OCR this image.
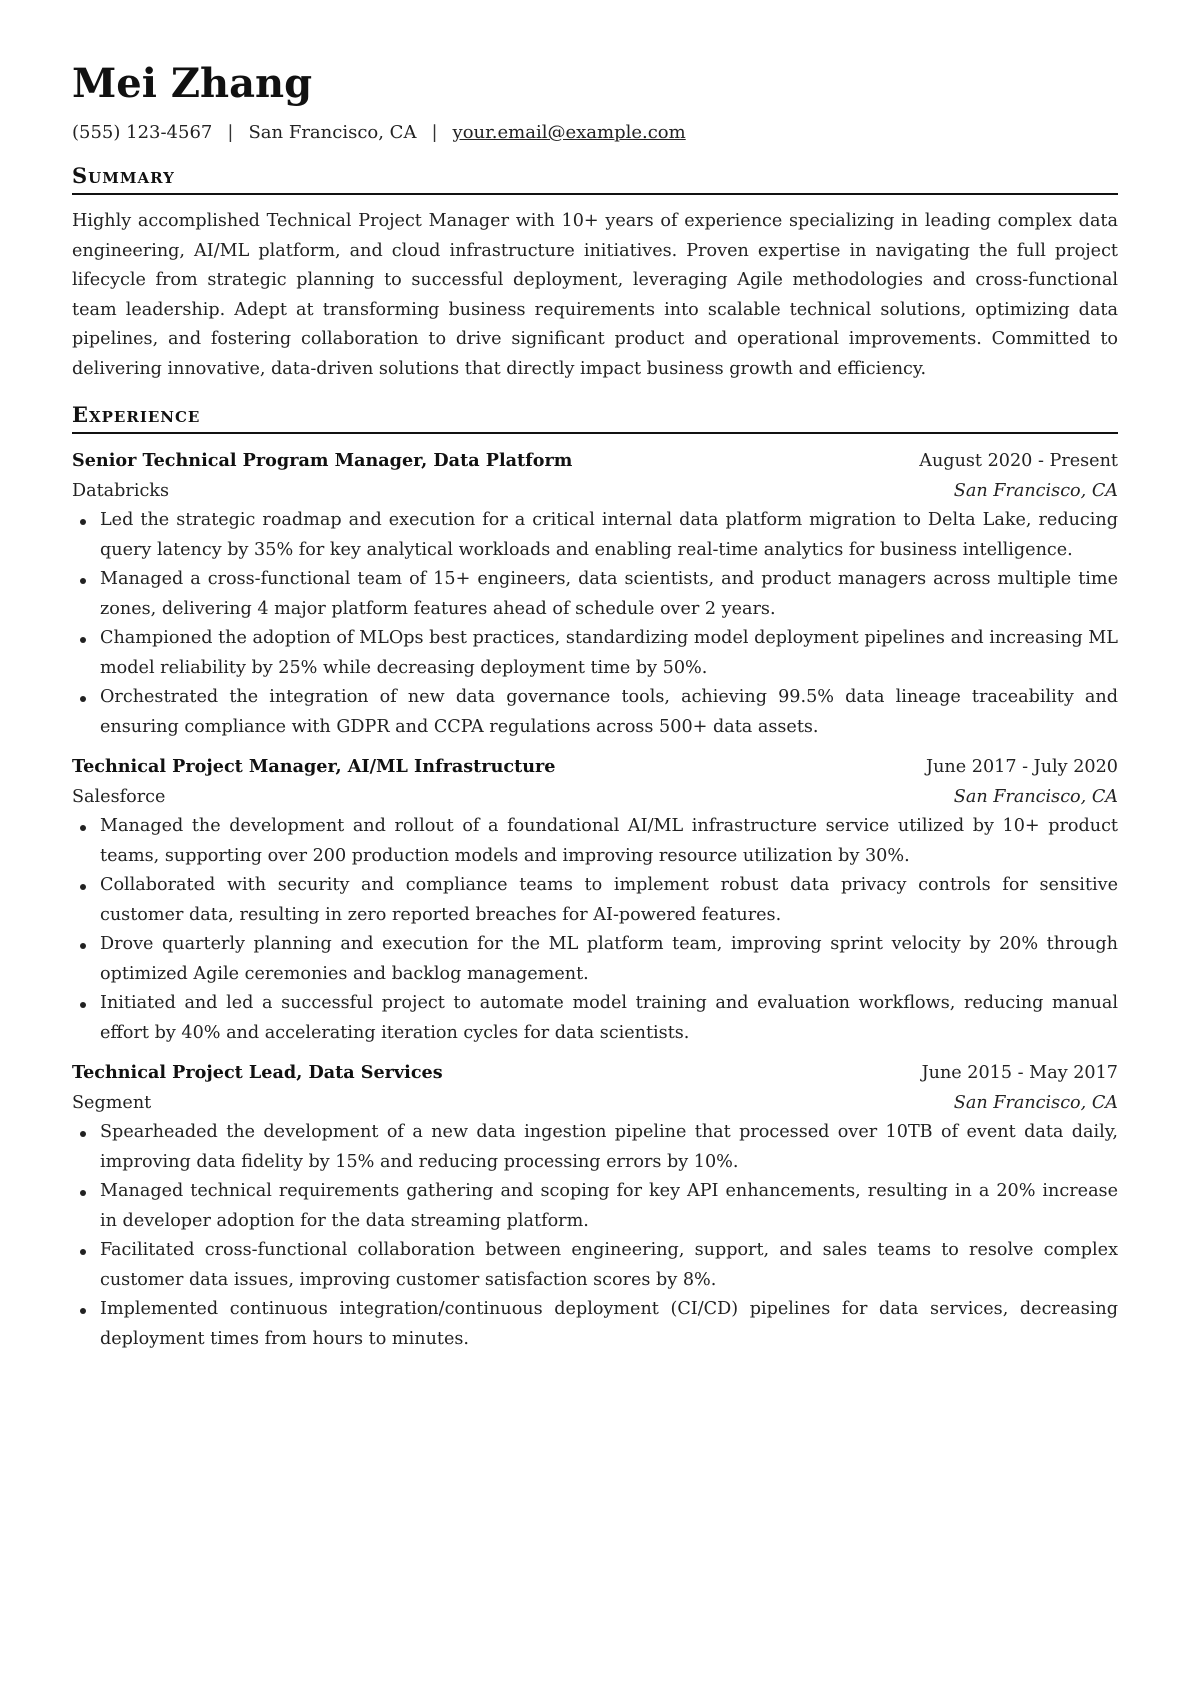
Mei Zhang
(555) 123-4567 | San Francisco, CA | your.email@example.com
Summary
Highly accomplished Technical Project Manager with 10+ years of experience specializing in leading complex data engineering, AI/ML platform, and cloud infrastructure initiatives. Proven expertise in navigating the full project lifecycle from strategic planning to successful deployment, leveraging Agile methodologies and cross-functional team leadership. Adept at transforming business requirements into scalable technical solutions, optimizing data pipelines, and fostering collaboration to drive significant product and operational improvements. Committed to delivering innovative, data-driven solutions that directly impact business growth and efficiency.
Experience
Senior Technical Program Manager, Data Platform	August 2020 - Present
Databricks	San Francisco, CA
Led the strategic roadmap and execution for a critical internal data platform migration to Delta Lake, reducing query latency by 35% for key analytical workloads and enabling real-time analytics for business intelligence.
Managed a cross-functional team of 15+ engineers, data scientists, and product managers across multiple time zones, delivering 4 major platform features ahead of schedule over 2 years.
Championed the adoption of MLOps best practices, standardizing model deployment pipelines and increasing ML model reliability by 25% while decreasing deployment time by 50%.
Orchestrated the integration of new data governance tools, achieving 99.5% data lineage traceability and ensuring compliance with GDPR and CCPA regulations across 500+ data assets.
Technical Project Manager, AI/ML Infrastructure	June 2017 - July 2020
Salesforce	San Francisco, CA
Managed the development and rollout of a foundational AI/ML infrastructure service utilized by 10+ product teams, supporting over 200 production models and improving resource utilization by 30%.
Collaborated with security and compliance teams to implement robust data privacy controls for sensitive customer data, resulting in zero reported breaches for AI-powered features.
Drove quarterly planning and execution for the ML platform team, improving sprint velocity by 20% through optimized Agile ceremonies and backlog management.
Initiated and led a successful project to automate model training and evaluation workflows, reducing manual effort by 40% and accelerating iteration cycles for data scientists.
Technical Project Lead, Data Services	June 2015 - May 2017
Segment	San Francisco, CA
Spearheaded the development of a new data ingestion pipeline that processed over 10TB of event data daily, improving data fidelity by 15% and reducing processing errors by 10%.
Managed technical requirements gathering and scoping for key API enhancements, resulting in a 20% increase in developer adoption for the data streaming platform.
Facilitated cross-functional collaboration between engineering, support, and sales teams to resolve complex customer data issues, improving customer satisfaction scores by 8%.
Implemented continuous integration/continuous deployment (CI/CD) pipelines for data services, decreasing deployment times from hours to minutes.
